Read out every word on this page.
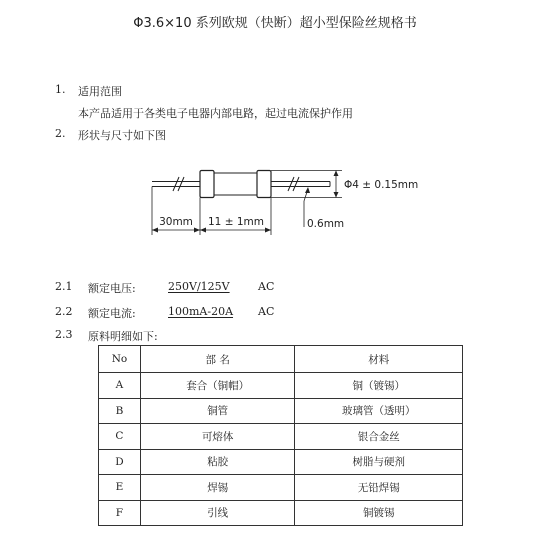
Φ3.6×10 系列欧规（快断）超小型保险丝规格书
1. 适用范围
本产品适用于各类电子电器内部电路，起过电流保护作用
2. 形状与尺寸如下图
Φ4 ± 0.15mm
30mm 11 ± 1mm	0.6mm
2.1 额定电压:	250V/125V	AC
2.2 额定电流:	100mA-20A AC
2.3 原料明细如下:
No	部 名	材料
A	套合（铜帽）	铜（镀锡）
B	铜管	玻璃管（透明）
C	可熔体	银合金丝
D	粘胶	树脂与硬剂
E	焊锡	无铅焊锡
F	引线	铜镀锡
